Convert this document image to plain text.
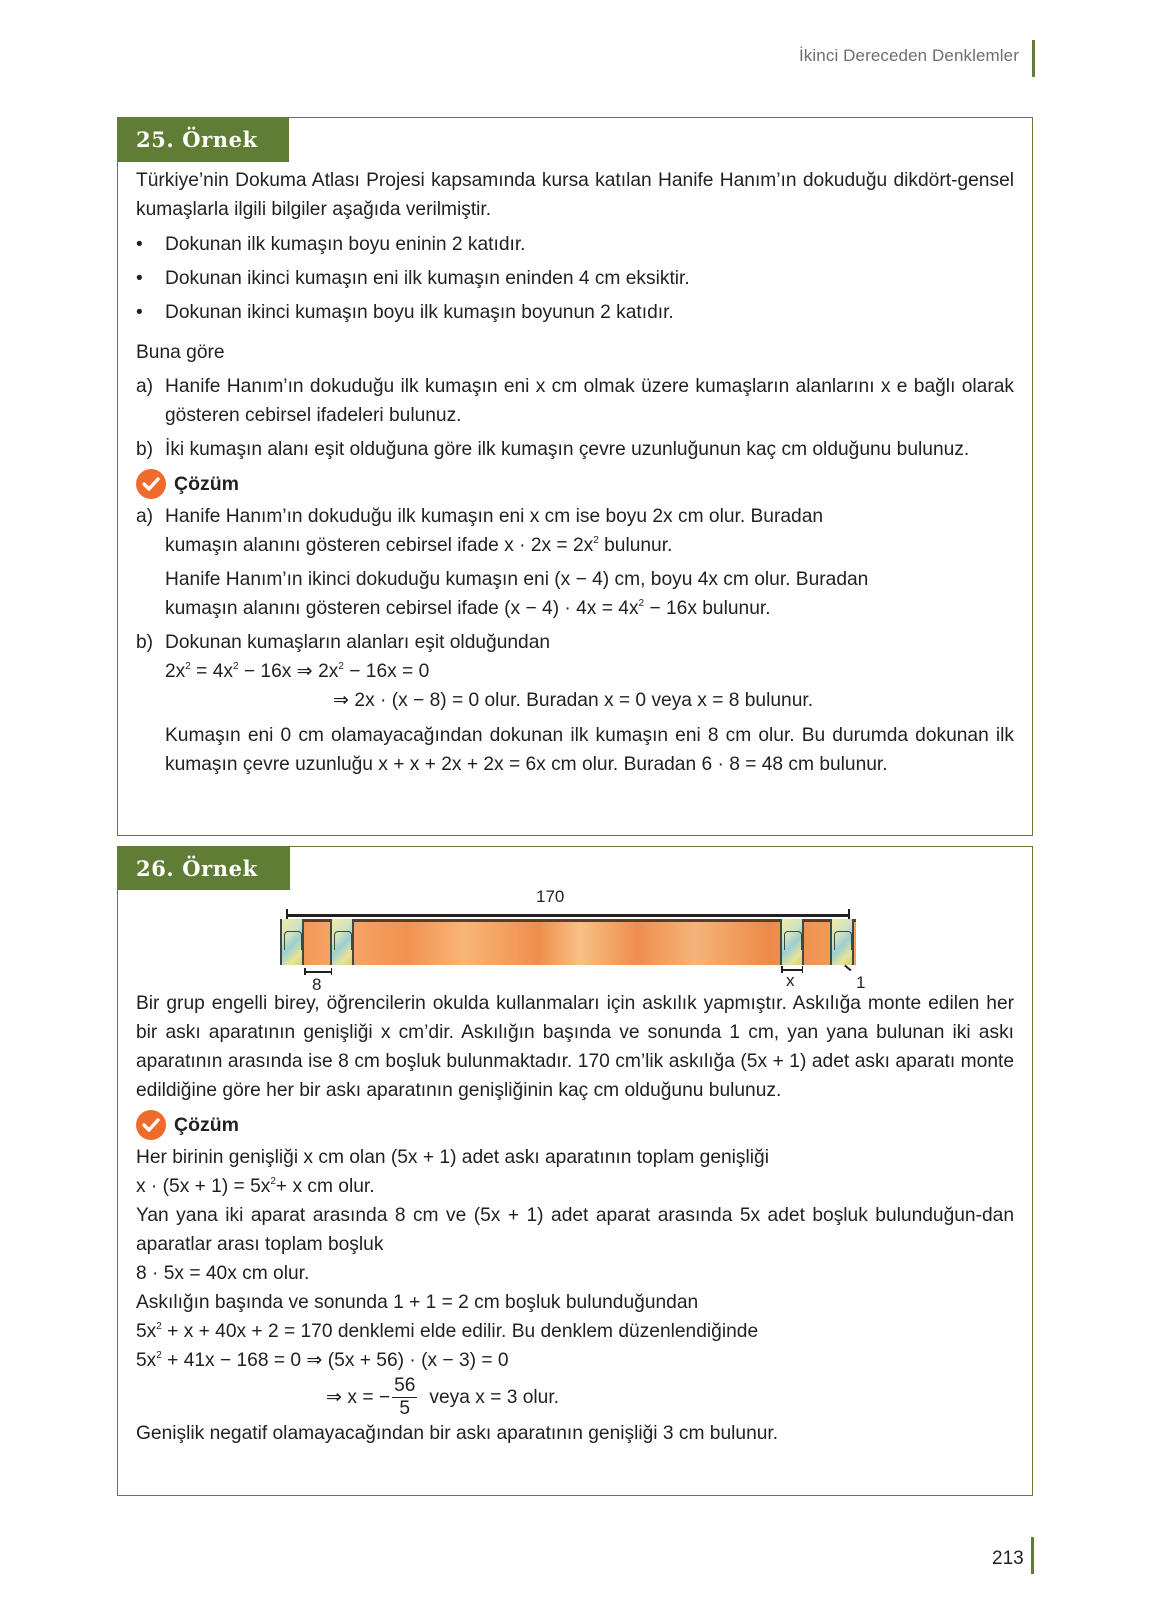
İkinci Dereceden Denklemler
25. Örnek
Türkiye’nin Dokuma Atlası Projesi kapsamında kursa katılan Hanife Hanım’ın dokuduğu dikdört-gensel kumaşlarla ilgili bilgiler aşağıda verilmiştir.
•	Dokunan ilk kumaşın boyu eninin 2 katıdır.
•	Dokunan ikinci kumaşın eni ilk kumaşın eninden 4 cm eksiktir.
•	Dokunan ikinci kumaşın boyu ilk kumaşın boyunun 2 katıdır.
Buna göre
a) Hanife Hanım’ın dokuduğu ilk kumaşın eni x cm olmak üzere kumaşların alanlarını x e bağlı olarak gösteren cebirsel ifadeleri bulunuz.
b) İki kumaşın alanı eşit olduğuna göre ilk kumaşın çevre uzunluğunun kaç cm olduğunu bulunuz.
Çözüm
a) Hanife Hanım’ın dokuduğu ilk kumaşın eni x cm ise boyu 2x cm olur. Buradan
kumaşın alanını gösteren cebirsel ifade $x \cdot 2x = 2x^2$ bulunur.
Hanife Hanım’ın ikinci dokuduğu kumaşın eni (x − 4) cm, boyu 4x cm olur. Buradan
kumaşın alanını gösteren cebirsel ifade $(x - 4) \cdot 4x = 4x^2 - 16x$ bulunur.
b) Dokunan kumaşların alanları eşit olduğundan
$2x^2 = 4x^2 - 16x$ ⇒ $2x^2 - 16x = 0$
⇒ 2x · (x − 8) = 0 olur. Buradan x = 0 veya x = 8 bulunur.
Kumaşın eni 0 cm olamayacağından dokunan ilk kumaşın eni 8 cm olur. Bu durumda dokunan ilk kumaşın çevre uzunluğu x + x + 2x + 2x = 6x cm olur. Buradan 6 · 8 = 48 cm bulunur.
26. Örnek
170
8	x	1
Bir grup engelli birey, öğrencilerin okulda kullanmaları için askılık yapmıştır. Askılığa monte edilen her bir askı aparatının genişliği x cm’dir. Askılığın başında ve sonunda 1 cm, yan yana bulunan iki askı aparatının arasında ise 8 cm boşluk bulunmaktadır. 170 cm’lik askılığa (5x + 1) adet askı aparatı monte edildiğine göre her bir askı aparatının genişliğinin kaç cm olduğunu bulunuz.
Çözüm
Her birinin genişliği x cm olan (5x + 1) adet askı aparatının toplam genişliği
$x \cdot (5x + 1) = 5x^2+ x$ cm olur.
Yan yana iki aparat arasında 8 cm ve (5x + 1) adet aparat arasında 5x adet boşluk bulunduğun-dan aparatlar arası toplam boşluk
8 · 5x = 40x cm olur.
Askılığın başında ve sonunda 1 + 1 = 2 cm boşluk bulunduğundan
$5x^2 + x + 40x + 2 = 170$ denklemi elde edilir. Bu denklem düzenlendiğinde
$5x^2 + 41x - 168 = 0$ ⇒ (5x + 56) · (x − 3) = 0
⇒ x = − $\frac{56}{5}$ veya x = 3 olur.
Genişlik negatif olamayacağından bir askı aparatının genişliği 3 cm bulunur.
213
